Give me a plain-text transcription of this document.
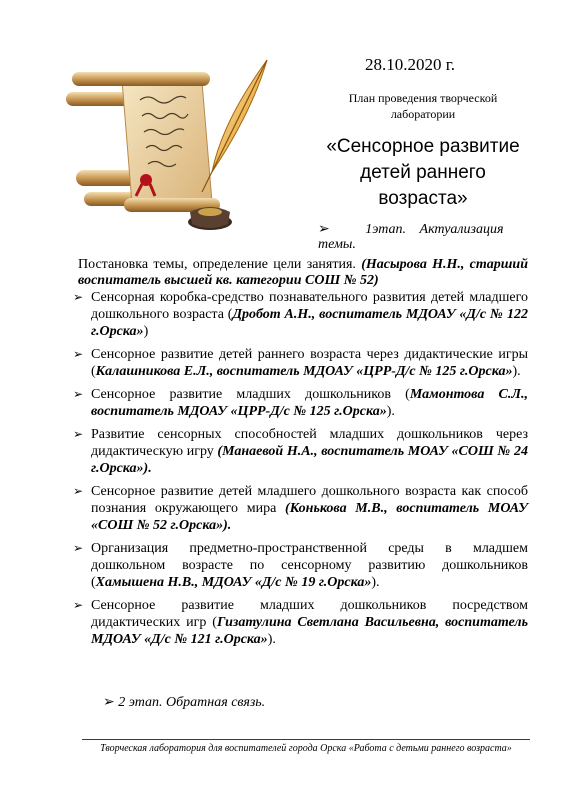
28.10.2020 г.
План проведения творческой
лаборатории
«Сенсорное развитие
детей раннего
возраста»
➢	1этап. Актуализация
темы.
Постановка темы, определение цели занятия. (Насырова Н.Н., старший воспитатель высшей кв. категории СОШ № 52)
➢ Сенсорная коробка-средство познавательного развития детей младшего дошкольного возраста (Дробот А.Н., воспитатель МДОАУ «Д/с № 122 г.Орска»)
➢ Сенсорное развитие детей раннего возраста через дидактические игры (Калашникова Е.Л., воспитатель МДОАУ «ЦРР-Д/с № 125 г.Орска»).
➢ Сенсорное развитие младших дошкольников (Мамонтова С.Л., воспитатель МДОАУ «ЦРР-Д/с № 125 г.Орска»).
➢ Развитие сенсорных способностей младших дошкольников через дидактическую игру (Манаевой Н.А., воспитатель МОАУ «СОШ № 24 г.Орска»).
➢ Сенсорное развитие детей младшего дошкольного возраста как способ познания окружающего мира (Конькова М.В., воспитатель МОАУ «СОШ № 52 г.Орска»).
➢ Организация предметно-пространственной среды в младшем дошкольном возрасте по сенсорному развитию дошкольников (Хамышена Н.В., МДОАУ «Д/с № 19 г.Орска»).
➢ Сенсорное развитие младших дошкольников посредством дидактических игр (Гизатулина Светлана Васильевна, воспитатель МДОАУ «Д/с № 121 г.Орска»).
➢ 2 этап. Обратная связь.
Творческая лаборатория для воспитателей города Орска «Работа с детьми раннего возраста»
